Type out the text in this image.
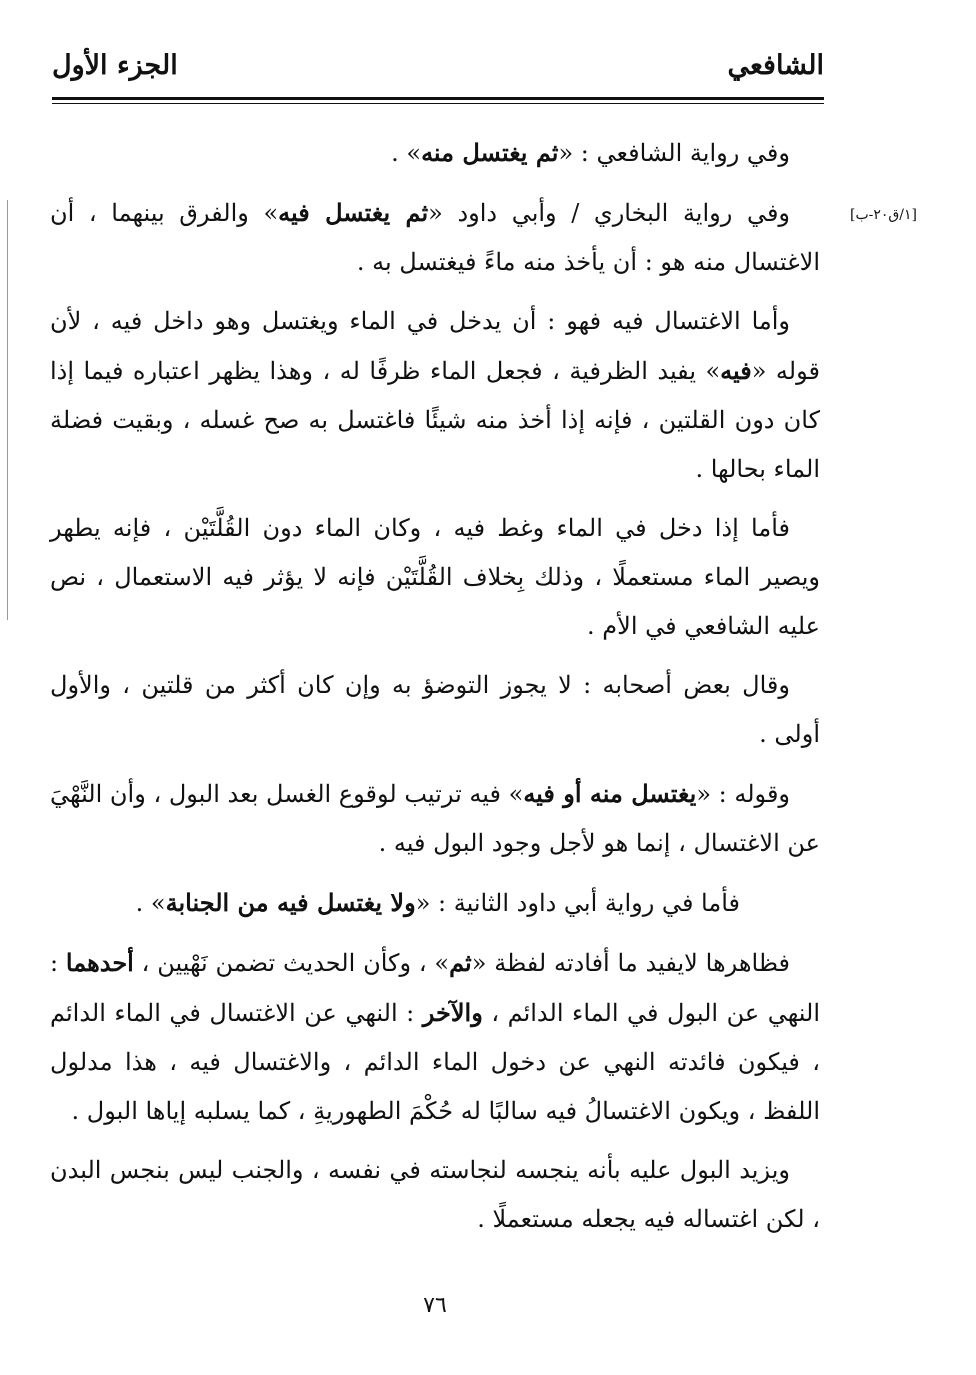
الشافعي
الجزء الأول
[١/ق٢٠-ب]

وفي رواية الشافعي : «ثم يغتسل منه» .

وفي رواية البخاري / وأبي داود «ثم يغتسل فيه» والفرق بينهما ، أن الاغتسال منه هو : أن يأخذ منه ماءً فيغتسل به .

وأما الاغتسال فيه فهو : أن يدخل في الماء ويغتسل وهو داخل فيه ، لأن قوله «فيه» يفيد الظرفية ، فجعل الماء ظرفًا له ، وهذا يظهر اعتباره فيما إذا كان دون القلتين ، فإنه إذا أخذ منه شيئًا فاغتسل به صح غسله ، وبقيت فضلة الماء بحالها .

فأما إذا دخل في الماء وغط فيه ، وكان الماء دون القُلَّتَيْن ، فإنه يطهر ويصير الماء مستعملًا ، وذلك بِخلاف القُلَّتَيْن فإنه لا يؤثر فيه الاستعمال ، نص عليه الشافعي في الأم .

وقال بعض أصحابه : لا يجوز التوضؤ به وإن كان أكثر من قلتين ، والأول أولى .

وقوله : «يغتسل منه أو فيه» فيه ترتيب لوقوع الغسل بعد البول ، وأن النَّهْيَ عن الاغتسال ، إنما هو لأجل وجود البول فيه .

فأما في رواية أبي داود الثانية : «ولا يغتسل فيه من الجنابة» .

فظاهرها لايفيد ما أفادته لفظة «ثم» ، وكأن الحديث تضمن نَهْيين ، أحدهما : النهي عن البول في الماء الدائم ، والآخر : النهي عن الاغتسال في الماء الدائم ، فيكون فائدته النهي عن دخول الماء الدائم ، والاغتسال فيه ، هذا مدلول اللفظ ، ويكون الاغتسالُ فيه سالبًا له حُكْمَ الطهوريةِ ، كما يسلبه إياها البول .

ويزيد البول عليه بأنه ينجسه لنجاسته في نفسه ، والجنب ليس بنجس البدن ، لكن اغتساله فيه يجعله مستعملًا .

٧٦
